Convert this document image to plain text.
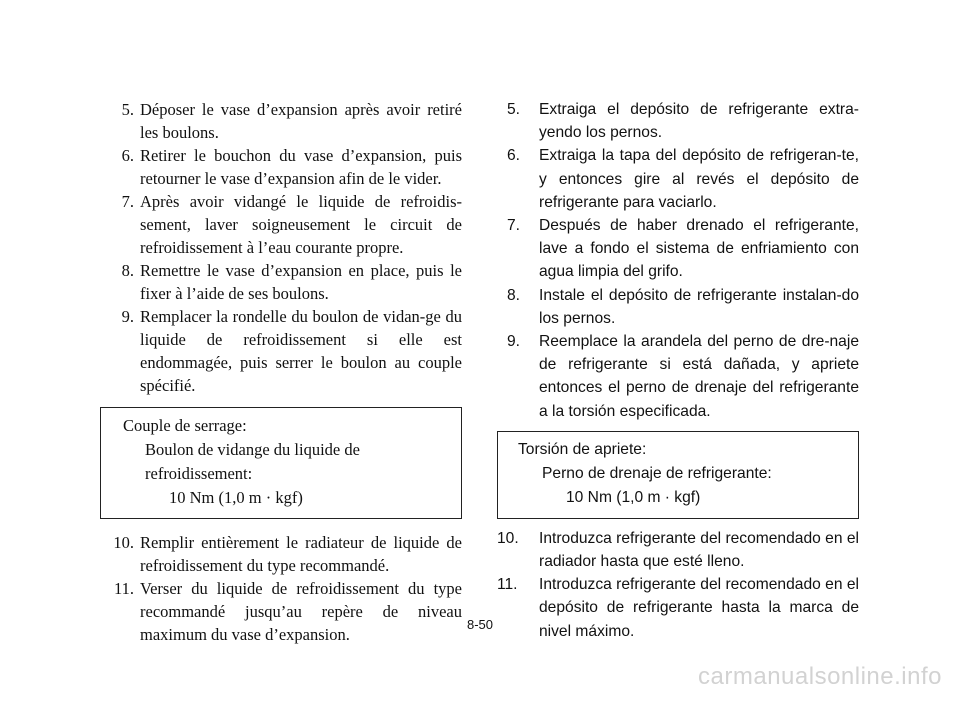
5. Déposer le vase d’expansion après avoir retiré les boulons.
6. Retirer le bouchon du vase d’expansion, puis retourner le vase d’expansion afin de le vider.
7. Après avoir vidangé le liquide de refroidis-sement, laver soigneusement le circuit de refroidissement à l’eau courante propre.
8. Remettre le vase d’expansion en place, puis le fixer à l’aide de ses boulons.
9. Remplacer la rondelle du boulon de vidan-ge du liquide de refroidissement si elle est endommagée, puis serrer le boulon au couple spécifié.
Couple de serrage:
Boulon de vidange du liquide de
refroidissement:
10 Nm (1,0 m · kgf)
10. Remplir entièrement le radiateur de liquide de refroidissement du type recommandé.
11. Verser du liquide de refroidissement du type recommandé jusqu’au repère de niveau maximum du vase d’expansion.
5.	Extraiga el depósito de refrigerante extra-yendo los pernos.
6.	Extraiga la tapa del depósito de refrigeran-te, y entonces gire al revés el depósito de refrigerante para vaciarlo.
7.	Después de haber drenado el refrigerante, lave a fondo el sistema de enfriamiento con agua limpia del grifo.
8.	Instale el depósito de refrigerante instalan-do los pernos.
9.	Reemplace la arandela del perno de dre-naje de refrigerante si está dañada, y apriete entonces el perno de drenaje del refrigerante a la torsión especificada.
Torsión de apriete:
Perno de drenaje de refrigerante:
10 Nm (1,0 m · kgf)
10.	Introduzca refrigerante del recomendado en el radiador hasta que esté lleno.
11.	Introduzca refrigerante del recomendado en el depósito de refrigerante hasta la marca de nivel máximo.
8-50
carmanualsonline.info
